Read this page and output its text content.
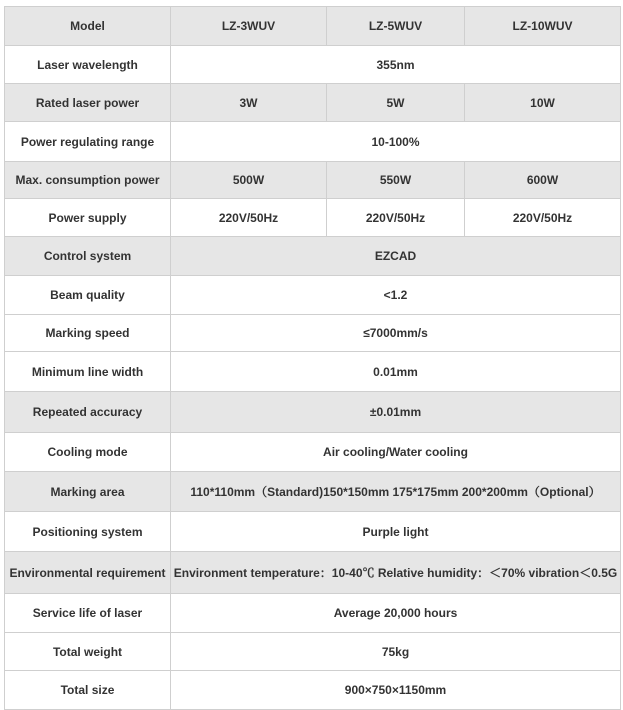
Model	LZ-3WUV	LZ-5WUV	LZ-10WUV
Laser wavelength	355nm		
Rated laser power	3W	5W	10W
Power regulating range	10-100%		
Max. consumption power	500W	550W	600W
Power supply	220V/50Hz	220V/50Hz	220V/50Hz
Control system	EZCAD		
Beam quality	<1.2		
Marking speed	≤7000mm/s		
Minimum line width	0.01mm		
Repeated accuracy	±0.01mm		
Cooling mode	Air cooling/Water cooling		
Marking area	110*110mm（Standard)150*150mm 175*175mm 200*200mm（Optional）		
Positioning system	Purple light		
Environmental requirement	Environment temperature：10-40℃ Relative humidity：＜70% vibration＜0.5G		
Service life of laser	Average 20,000 hours		
Total weight	75kg		
Total size	900×750×1150mm		
